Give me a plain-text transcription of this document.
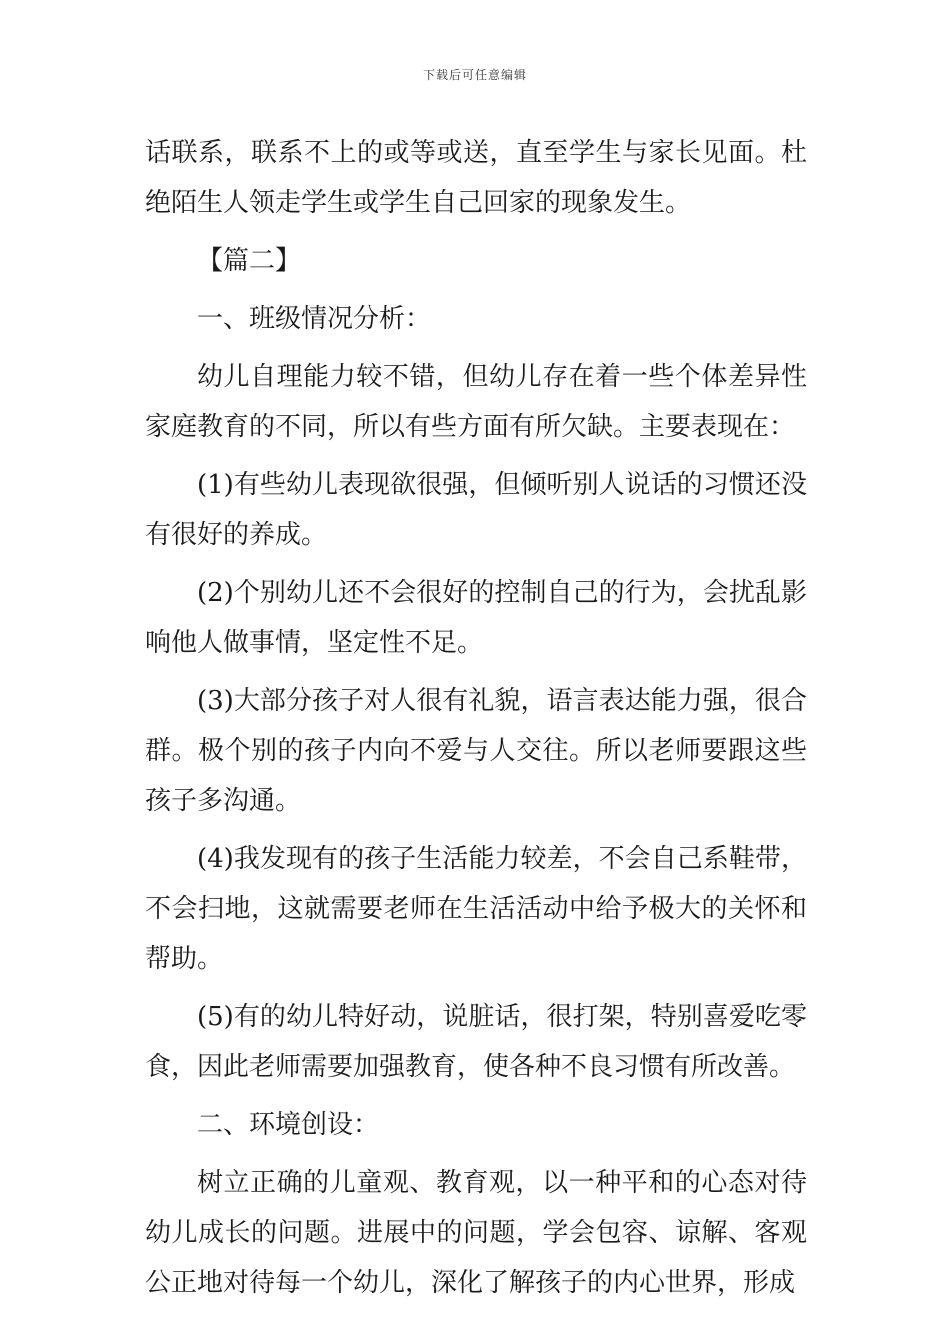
下载后可任意编辑

话联系，联系不上的或等或送，直至学生与家长见面。杜绝陌生人领走学生或学生自己回家的现象发生。

【篇二】

一、班级情况分析：

幼儿自理能力较不错，但幼儿存在着一些个体差异性家庭教育的不同，所以有些方面有所欠缺。主要表现在：

(1)有些幼儿表现欲很强，但倾听别人说话的习惯还没有很好的养成。

(2)个别幼儿还不会很好的控制自己的行为，会扰乱影响他人做事情，坚定性不足。

(3)大部分孩子对人很有礼貌，语言表达能力强，很合群。极个别的孩子内向不爱与人交往。所以老师要跟这些孩子多沟通。

(4)我发现有的孩子生活能力较差，不会自己系鞋带，不会扫地，这就需要老师在生活活动中给予极大的关怀和帮助。

(5)有的幼儿特好动，说脏话，很打架，特别喜爱吃零食，因此老师需要加强教育，使各种不良习惯有所改善。

二、环境创设：

树立正确的儿童观、教育观，以一种平和的心态对待幼儿成长的问题。进展中的问题，学会包容、谅解、客观公正地对待每一个幼儿，深化了解孩子的内心世界，形成
